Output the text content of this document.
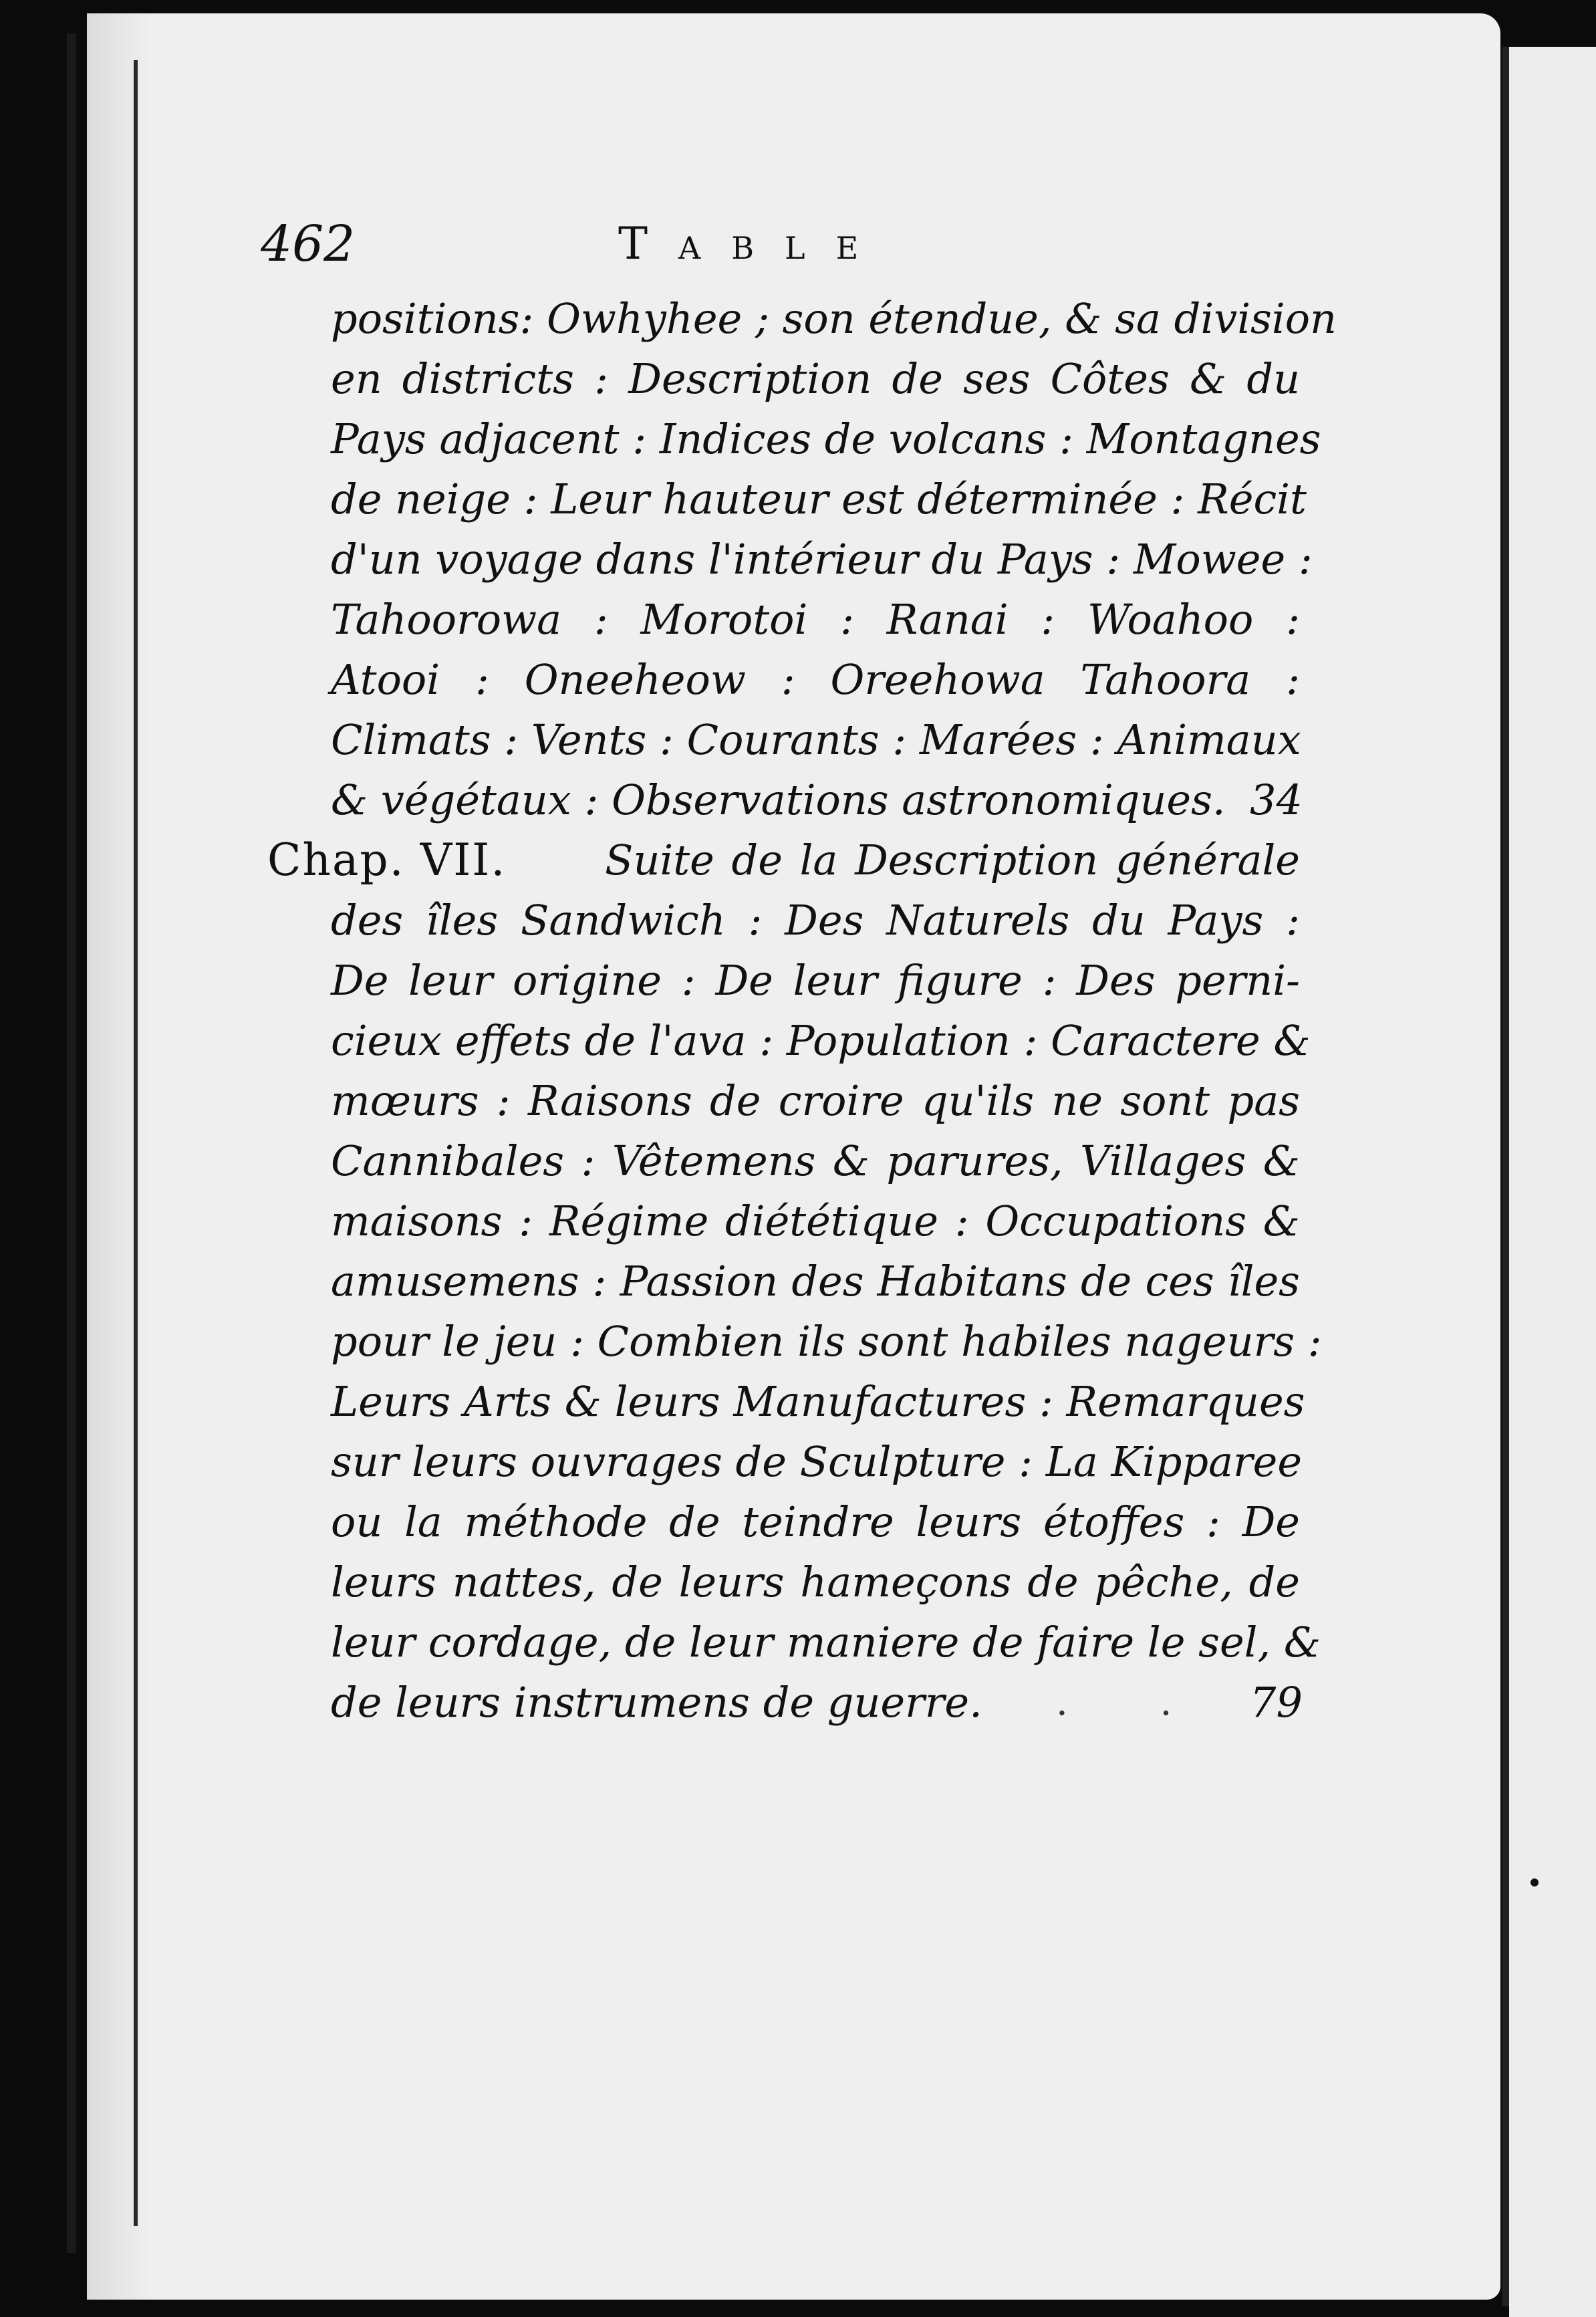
462	Table
positions: Owhyhee ; son étendue, & sa division
en districts : Description de ses Côtes & du
Pays adjacent : Indices de volcans : Montagnes
de neige : Leur hauteur est déterminée : Récit
d'un voyage dans l'intérieur du Pays : Mowee :
Tahoorowa : Morotoi : Ranai : Woahoo :
Atooi : Oneeheow : Oreehowa Tahoora :
Climats : Vents : Courants : Marées : Animaux
& végétaux : Observations astronomiques. 34
Chap. VII. Suite de la Description générale
des îles Sandwich : Des Naturels du Pays :
De leur origine : De leur figure : Des perni-
cieux effets de l'ava : Population : Caractere &
mœurs : Raisons de croire qu'ils ne sont pas
Cannibales : Vêtemens & parures, Villages &
maisons : Régime diététique : Occupations &
amusemens : Passion des Habitans de ces îles
pour le jeu : Combien ils sont habiles nageurs :
Leurs Arts & leurs Manufactures : Remarques
sur leurs ouvrages de Sculpture : La Kipparee
ou la méthode de teindre leurs étoffes : De
leurs nattes, de leurs hameçons de pêche, de
leur cordage, de leur maniere de faire le sel, &
de leurs instrumens de guerre.	. . 79
